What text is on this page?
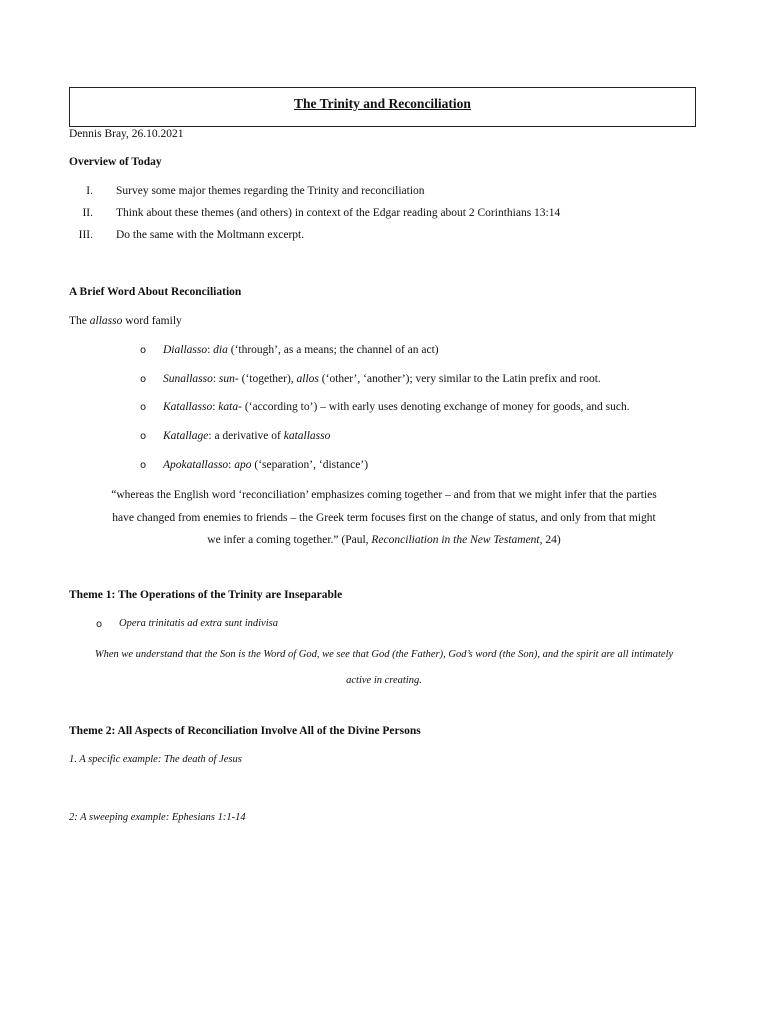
The Trinity and Reconciliation
Dennis Bray, 26.10.2021
Overview of Today
I. Survey some major themes regarding the Trinity and reconciliation
II. Think about these themes (and others) in context of the Edgar reading about 2 Corinthians 13:14
III. Do the same with the Moltmann excerpt.
A Brief Word About Reconciliation
The allasso word family
o Diallasso: dia (‘through’, as a means; the channel of an act)
o Sunallasso: sun- (‘together), allos (‘other’, ‘another’); very similar to the Latin prefix and root.
o Katallasso: kata- (‘according to’) – with early uses denoting exchange of money for goods, and such.
o Katallage: a derivative of katallasso
o Apokatallasso: apo (‘separation’, ‘distance’)
“whereas the English word ‘reconciliation’ emphasizes coming together – and from that we might infer that the parties
have changed from enemies to friends – the Greek term focuses first on the change of status, and only from that might
we infer a coming together.” (Paul, Reconciliation in the New Testament, 24)
Theme 1: The Operations of the Trinity are Inseparable
o Opera trinitatis ad extra sunt indivisa
When we understand that the Son is the Word of God, we see that God (the Father), God’s word (the Son), and the spirit are all intimately
active in creating.
Theme 2: All Aspects of Reconciliation Involve All of the Divine Persons
1. A specific example: The death of Jesus
2: A sweeping example: Ephesians 1:1-14
